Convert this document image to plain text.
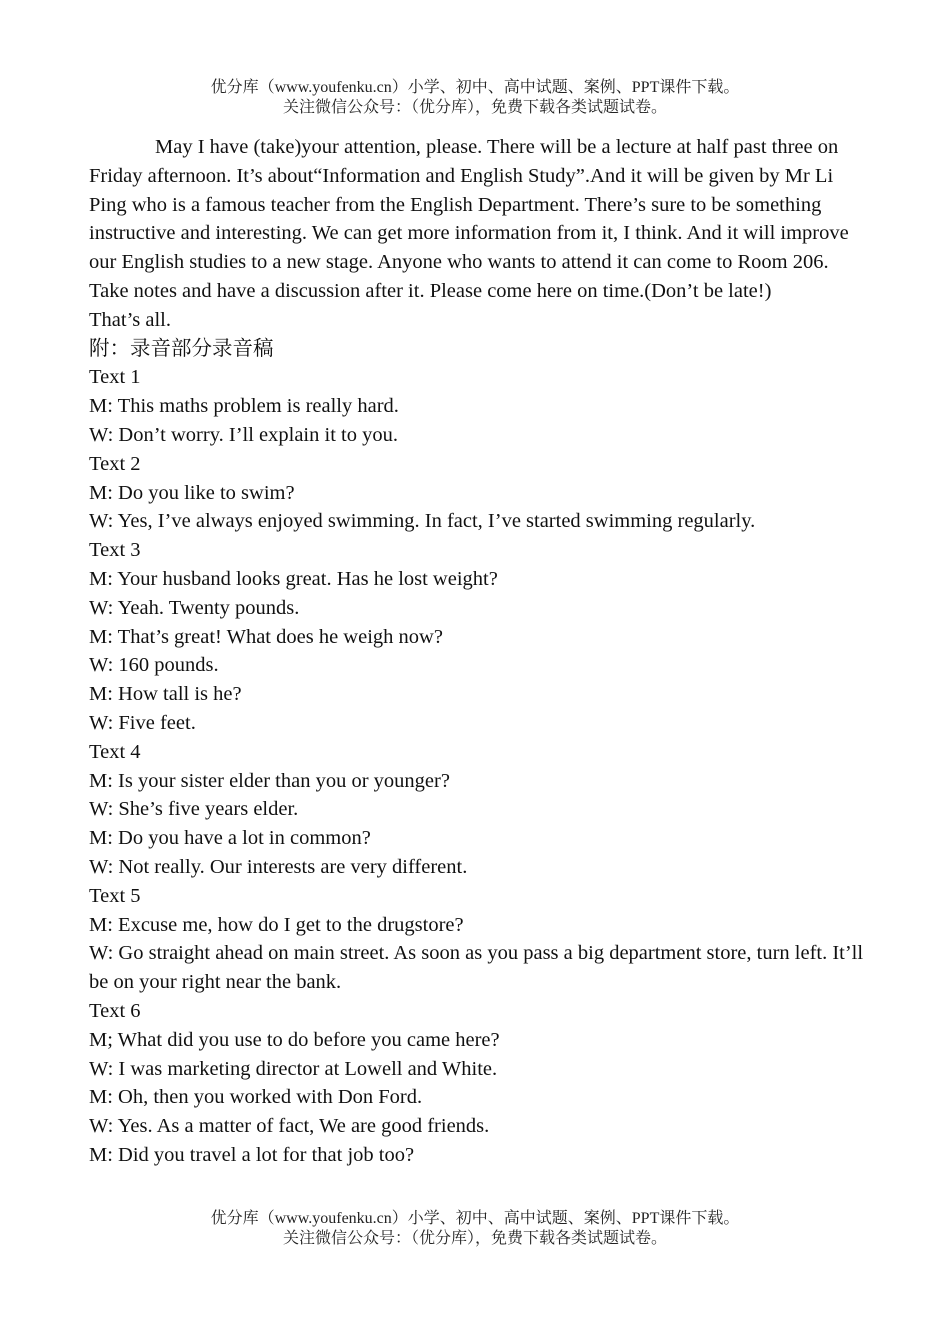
优分库（www.youfenku.cn）小学、初中、高中试题、案例、PPT课件下载。
关注微信公众号：（优分库），免费下载各类试题试卷。

May I have (take)your attention, please. There will be a lecture at half past three on Friday afternoon. It’s about“Information and English Study”.And it will be given by Mr Li Ping who is a famous teacher from the English Department. There’s sure to be something instructive and interesting. We can get more information from it, I think. And it will improve our English studies to a new stage. Anyone who wants to attend it can come to Room 206. Take notes and have a discussion after it. Please come here on time.(Don’t be late!)

That’s all.

附：录音部分录音稿

Text 1

M: This maths problem is really hard.

W: Don’t worry. I’ll explain it to you.

Text 2

M: Do you like to swim?

W: Yes, I’ve always enjoyed swimming. In fact, I’ve started swimming regularly.

Text 3

M: Your husband looks great. Has he lost weight?

W: Yeah. Twenty pounds.

M: That’s great! What does he weigh now?

W: 160 pounds.

M: How tall is he?

W: Five feet.

Text 4

M: Is your sister elder than you or younger?

W: She’s five years elder.

M: Do you have a lot in common?

W: Not really. Our interests are very different.

Text 5

M: Excuse me, how do I get to the drugstore?

W: Go straight ahead on main street. As soon as you pass a big department store, turn left. It’ll be on your right near the bank.

Text 6

M; What did you use to do before you came here?

W: I was marketing director at Lowell and White.

M: Oh, then you worked with Don Ford.

W: Yes. As a matter of fact, We are good friends.

M: Did you travel a lot for that job too?

优分库（www.youfenku.cn）小学、初中、高中试题、案例、PPT课件下载。
关注微信公众号：（优分库），免费下载各类试题试卷。
